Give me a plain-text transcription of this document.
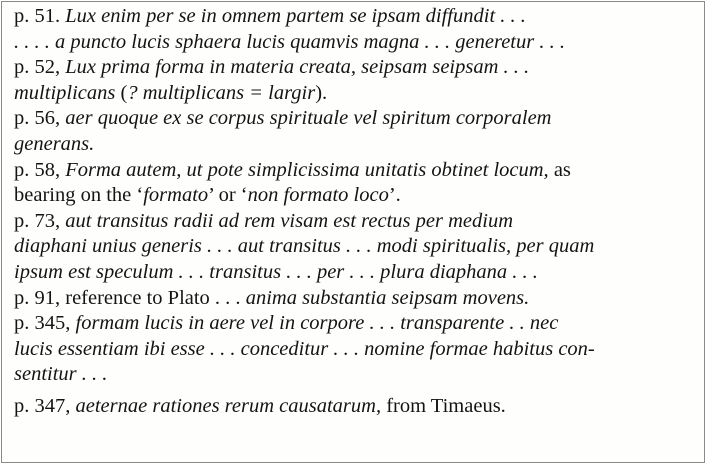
p. 51. Lux enim per se in omnem partem se ipsam diffundit . . .
. . . . a puncto lucis sphaera lucis quamvis magna . . . generetur . . .
p. 52, Lux prima forma in materia creata, seipsam seipsam . . .
multiplicans (? multiplicans = largir).
p. 56, aer quoque ex se corpus spirituale vel spiritum corporalem
generans.
p. 58, Forma autem, ut pote simplicissima unitatis obtinet locum, as
bearing on the ‘formato’ or ‘non formato loco’.
p. 73, aut transitus radii ad rem visam est rectus per medium
diaphani unius generis . . . aut transitus . . . modi spiritualis, per quam
ipsum est speculum . . . transitus . . . per . . . plura diaphana . . .
p. 91, reference to Plato . . . anima substantia seipsam movens.
p. 345, formam lucis in aere vel in corpore . . . transparente . . nec
lucis essentiam ibi esse . . . conceditur . . . nomine formae habitus con-
sentitur . . .
p. 347, aeternae rationes rerum causatarum, from Timaeus.
